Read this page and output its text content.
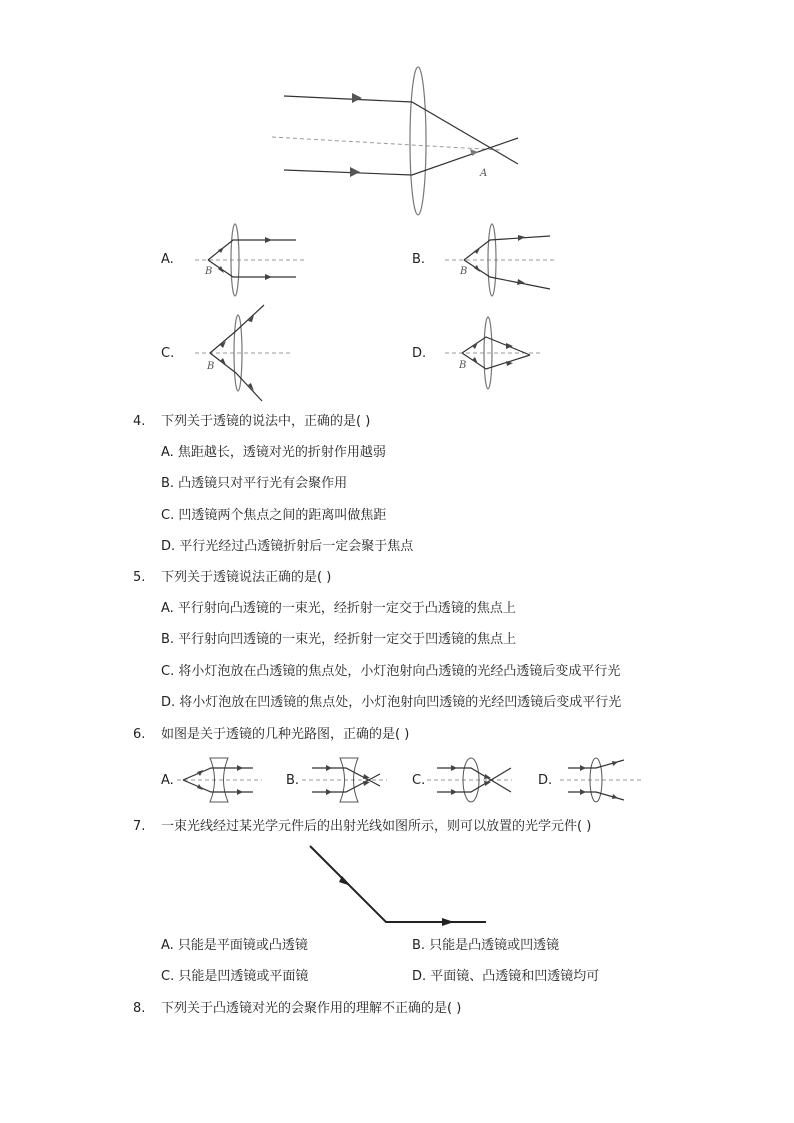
A
A.
B
B.
B
C.
B
D.
B
4. 下列关于透镜的说法中，正确的是( )
A. 焦距越长，透镜对光的折射作用越弱
B. 凸透镜只对平行光有会聚作用
C. 凹透镜两个焦点之间的距离叫做焦距
D. 平行光经过凸透镜折射后一定会聚于焦点
5. 下列关于透镜说法正确的是( )
A. 平行射向凸透镜的一束光，经折射一定交于凸透镜的焦点上
B. 平行射向凹透镜的一束光，经折射一定交于凹透镜的焦点上
C. 将小灯泡放在凸透镜的焦点处，小灯泡射向凸透镜的光经凸透镜后变成平行光
D. 将小灯泡放在凹透镜的焦点处，小灯泡射向凹透镜的光经凹透镜后变成平行光
6. 如图是关于透镜的几种光路图，正确的是( )
A.	B.	C.	D.
7. 一束光线经过某光学元件后的出射光线如图所示，则可以放置的光学元件( )
A. 只能是平面镜或凸透镜	B. 只能是凸透镜或凹透镜
C. 只能是凹透镜或平面镜	D. 平面镜、凸透镜和凹透镜均可
8. 下列关于凸透镜对光的会聚作用的理解不正确的是( )
